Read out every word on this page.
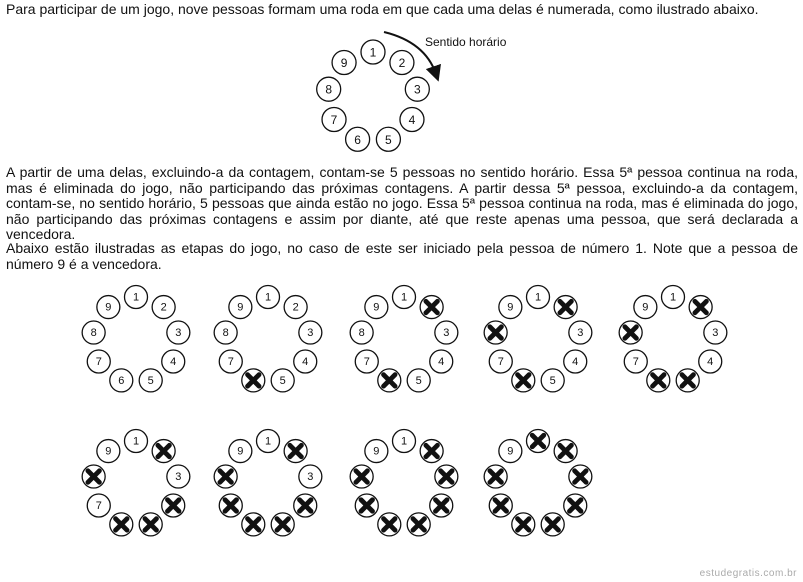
Para participar de um jogo, nove pessoas formam uma roda em que cada uma delas é numerada, como ilustrado abaixo.

1
2
3
4
5
6
7
8
9
1
2
3
4
5
6
7
8
9
1
2
3
4
5
7
8
9
1
3
4
5
7
8
9
1
3
4
5
7
9
1
3
4
7
9
1
3
7
9
1
3
9
1
9	9
Sentido horário

A partir de uma delas, excluindo-a da contagem, contam-se 5 pessoas no sentido horário. Essa 5ª pessoa continua na roda, mas é eliminada do jogo, não participando das próximas contagens. A partir dessa 5ª pessoa, excluindo-a da contagem, contam-se, no sentido horário, 5 pessoas que ainda estão no jogo. Essa 5ª pessoa continua na roda, mas é eliminada do jogo, não participando das próximas contagens e assim por diante, até que reste apenas uma pessoa, que será declarada a vencedora.

Abaixo estão ilustradas as etapas do jogo, no caso de este ser iniciado pela pessoa de número 1. Note que a pessoa de número 9 é a vencedora.

estudegratis.com.br
